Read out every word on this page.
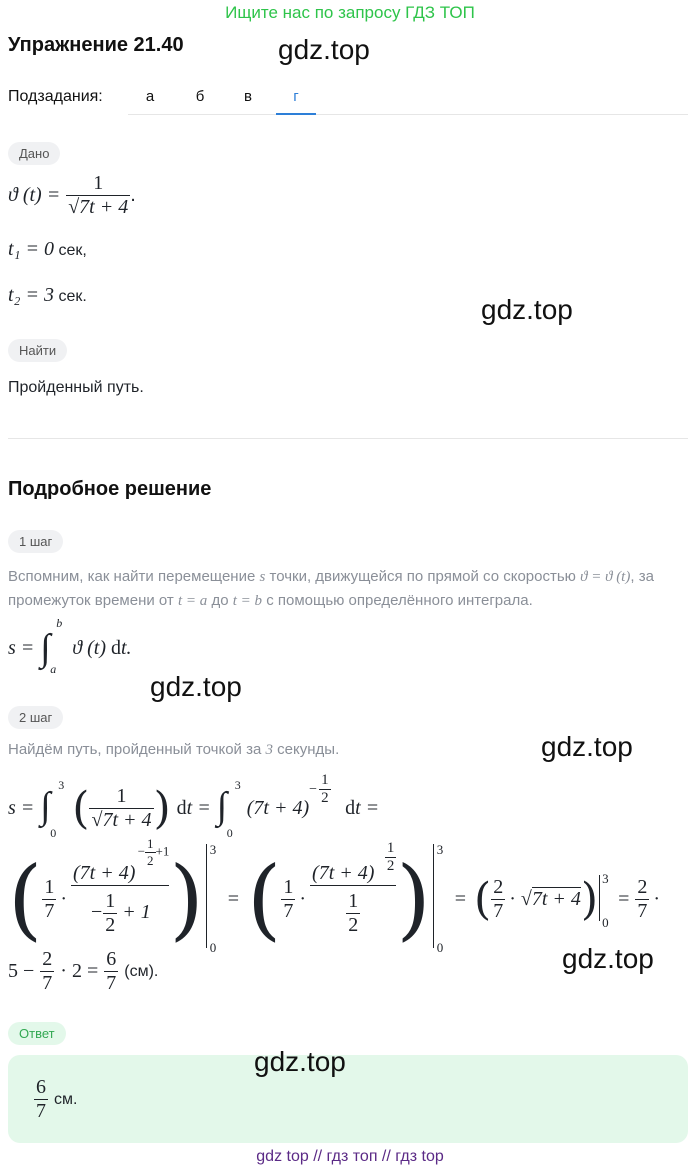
Ищите нас по запросу ГДЗ ТОП
Упражнение 21.40	gdz.top
Подзадания:	а	б	в	г
Дано
ϑ $(t) = \frac{1}{√7t + 4}$ .
t₁ = 0 сек,
t₂ = 3 сек.	gdz.top
Найти
Пройденный путь.
Подробное решение
1 шаг
Вспомним, как найти перемещение s точки, движущейся по прямой со скоростью ϑ = ϑ (t), за промежуток времени от t = a до t = b с помощью определённого интеграла.
s = ∫
b
a
ϑ (t) dt.
gdz.top
2 шаг
Найдём путь, пройденный точкой за 3 секунды.	gdz.top
s = ∫ 3
0 ( $\frac{1}{√7t + 4}$ ) dt = ∫ 3
0
(7t + 4)
− $\frac{1}{2}$
dt =
( $\frac{1}{7} \cdot (7t + 4)$
− $\frac{1}{2} +1$
− $\frac{1}{2} + 1$ ) 3
0
= ( $\frac{1}{7} \cdot \frac{(7t + 4) \frac{1}{2}}{\frac{1}{2}}$ ) 3
0
= ( $\frac{2}{7} \cdot √7t + 4$ ) 3
0
= $\frac{2}{7}$ ·
$5 - \frac{2}{7} \cdot 2 = \frac{6}{7} (см)$.	gdz.top
Ответ
gdz.top
$\frac{6}{7}$ см.
gdz top // гдз топ // гдз top
